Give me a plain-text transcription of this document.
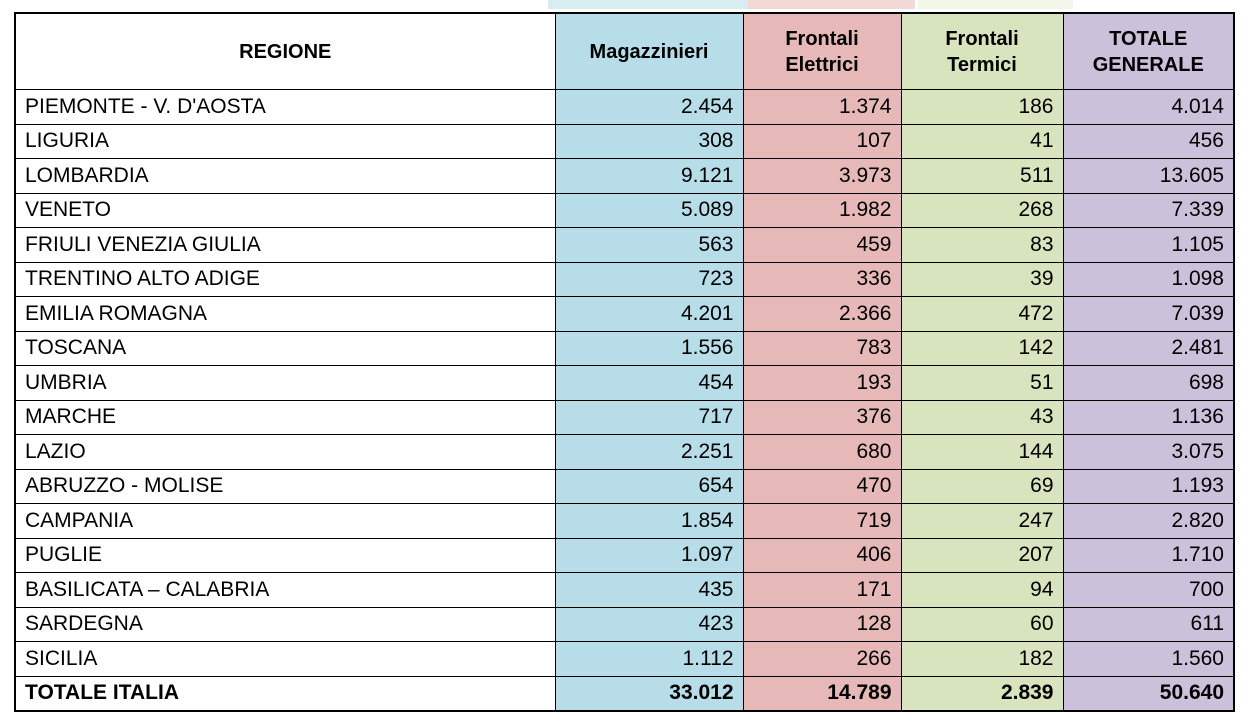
REGIONE	Magazzinieri	Frontali Elettrici	Frontali Termici	TOTALE GENERALE
PIEMONTE - V. D'AOSTA	2.454	1.374	186	4.014
LIGURIA	308	107	41	456
LOMBARDIA	9.121	3.973	511	13.605
VENETO	5.089	1.982	268	7.339
FRIULI VENEZIA GIULIA	563	459	83	1.105
TRENTINO ALTO ADIGE	723	336	39	1.098
EMILIA ROMAGNA	4.201	2.366	472	7.039
TOSCANA	1.556	783	142	2.481
UMBRIA	454	193	51	698
MARCHE	717	376	43	1.136
LAZIO	2.251	680	144	3.075
ABRUZZO - MOLISE	654	470	69	1.193
CAMPANIA	1.854	719	247	2.820
PUGLIE	1.097	406	207	1.710
BASILICATA – CALABRIA	435	171	94	700
SARDEGNA	423	128	60	611
SICILIA	1.112	266	182	1.560
TOTALE ITALIA	33.012	14.789	2.839	50.640
